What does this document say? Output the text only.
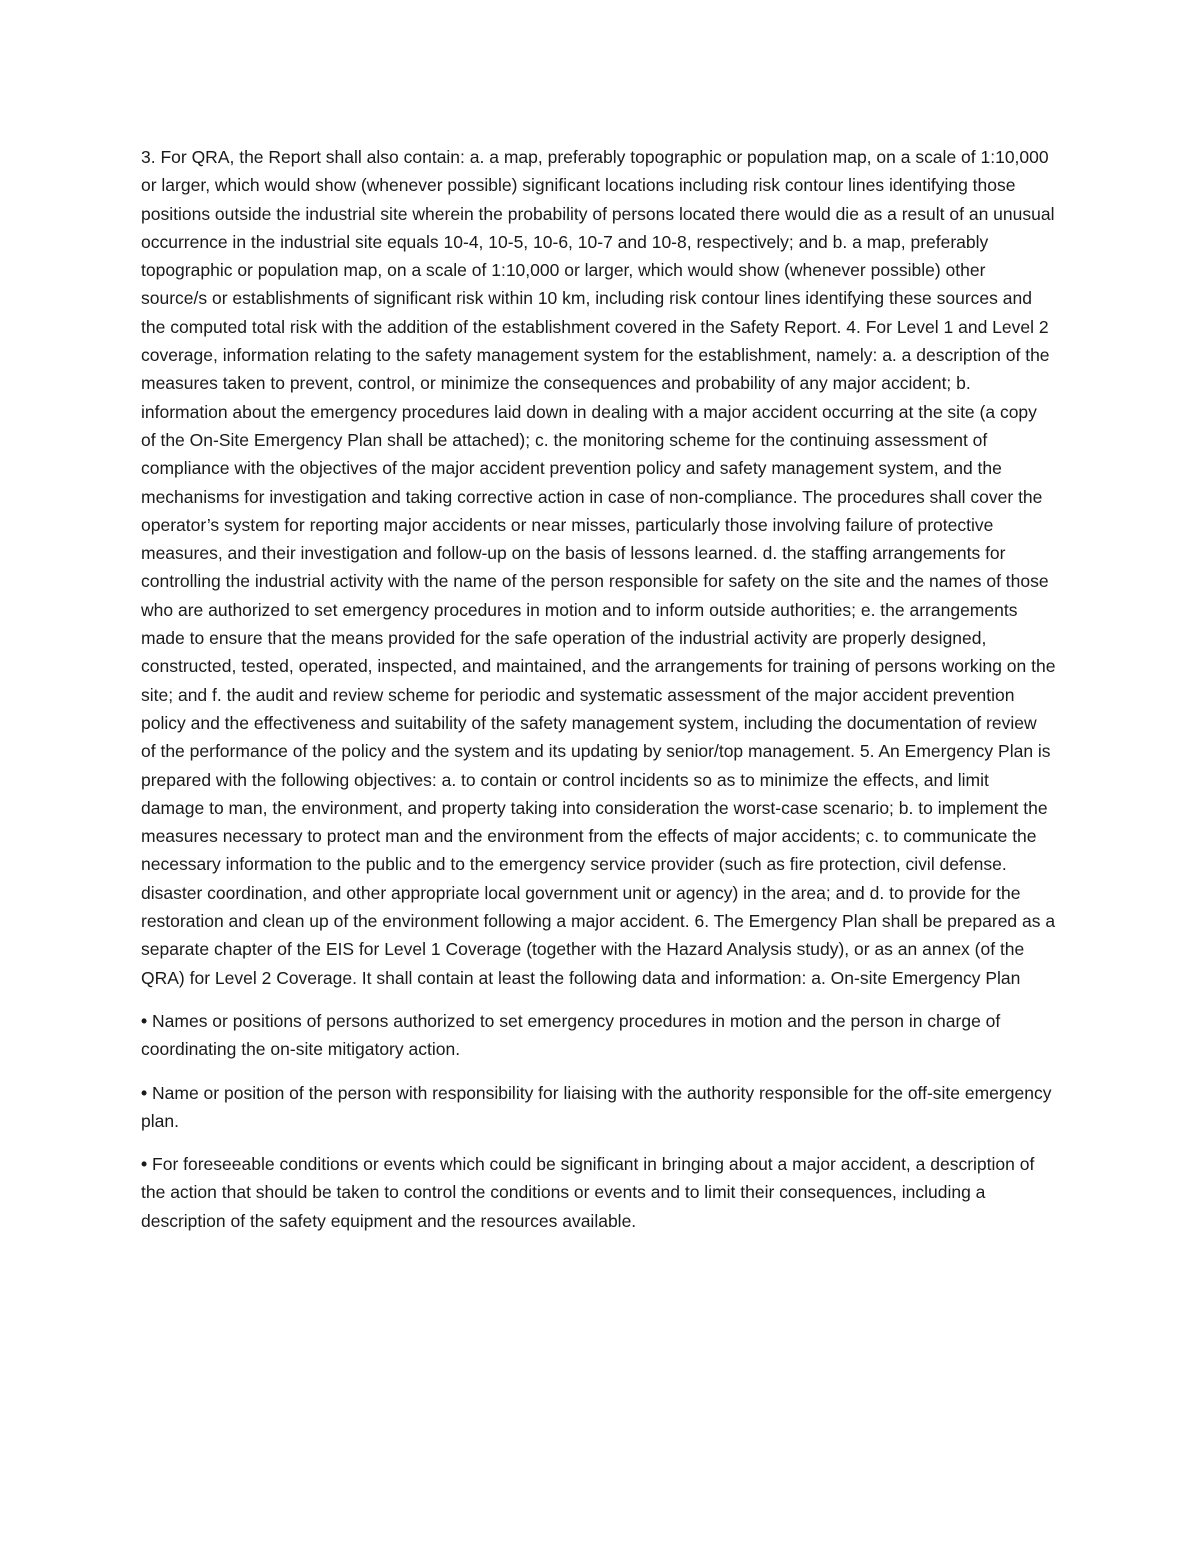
3. For QRA, the Report shall also contain: a. a map, preferably topographic or population map, on a scale of 1:10,000 or larger, which would show (whenever possible) significant locations including risk contour lines identifying those positions outside the industrial site wherein the probability of persons located there would die as a result of an unusual occurrence in the industrial site equals 10-4, 10-5, 10-6, 10-7 and 10-8, respectively; and b. a map, preferably topographic or population map, on a scale of 1:10,000 or larger, which would show (whenever possible) other source/s or establishments of significant risk within 10 km, including risk contour lines identifying these sources and the computed total risk with the addition of the establishment covered in the Safety Report. 4. For Level 1 and Level 2 coverage, information relating to the safety management system for the establishment, namely: a. a description of the measures taken to prevent, control, or minimize the consequences and probability of any major accident; b. information about the emergency procedures laid down in dealing with a major accident occurring at the site (a copy of the On-Site Emergency Plan shall be attached); c. the monitoring scheme for the continuing assessment of compliance with the objectives of the major accident prevention policy and safety management system, and the mechanisms for investigation and taking corrective action in case of non-compliance. The procedures shall cover the operator’s system for reporting major accidents or near misses, particularly those involving failure of protective measures, and their investigation and follow-up on the basis of lessons learned. d. the staffing arrangements for controlling the industrial activity with the name of the person responsible for safety on the site and the names of those who are authorized to set emergency procedures in motion and to inform outside authorities; e. the arrangements made to ensure that the means provided for the safe operation of the industrial activity are properly designed, constructed, tested, operated, inspected, and maintained, and the arrangements for training of persons working on the site; and f. the audit and review scheme for periodic and systematic assessment of the major accident prevention policy and the effectiveness and suitability of the safety management system, including the documentation of review of the performance of the policy and the system and its updating by senior/top management. 5. An Emergency Plan is prepared with the following objectives: a. to contain or control incidents so as to minimize the effects, and limit damage to man, the environment, and property taking into consideration the worst-case scenario; b. to implement the measures necessary to protect man and the environment from the effects of major accidents; c. to communicate the necessary information to the public and to the emergency service provider (such as fire protection, civil defense. disaster coordination, and other appropriate local government unit or agency) in the area; and d. to provide for the restoration and clean up of the environment following a major accident. 6. The Emergency Plan shall be prepared as a separate chapter of the EIS for Level 1 Coverage (together with the Hazard Analysis study), or as an annex (of the QRA) for Level 2 Coverage. It shall contain at least the following data and information: a. On-site Emergency Plan

• Names or positions of persons authorized to set emergency procedures in motion and the person in charge of coordinating the on-site mitigatory action.

• Name or position of the person with responsibility for liaising with the authority responsible for the off-site emergency plan.

• For foreseeable conditions or events which could be significant in bringing about a major accident, a description of the action that should be taken to control the conditions or events and to limit their consequences, including a description of the safety equipment and the resources available.
